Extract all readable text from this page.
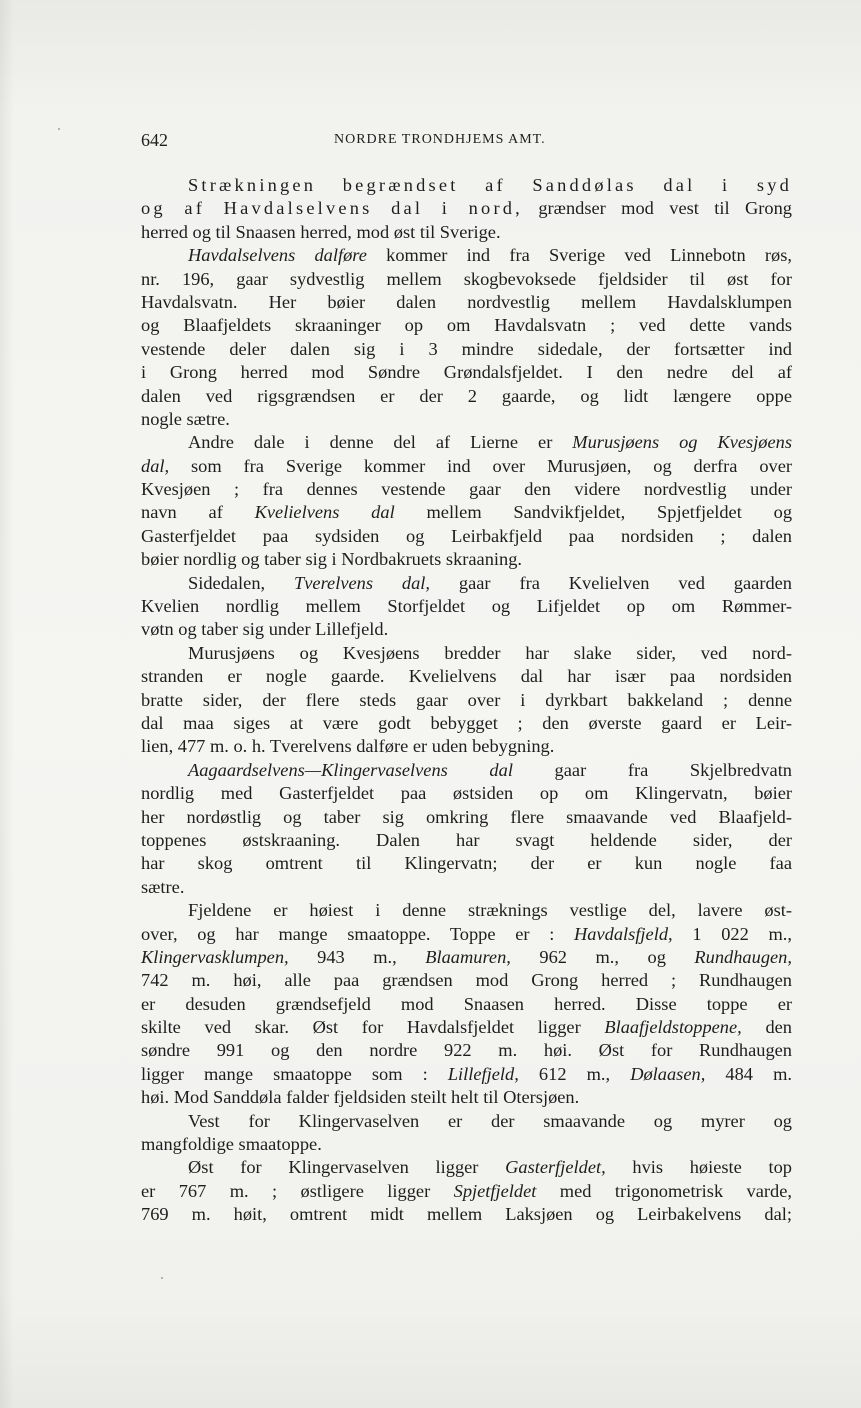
642	NORDRE TRONDHJEMS AMT.
Strækningen begrændset af Sanddølas dal i syd
og af Havdalselvens dal i nord, grændser mod vest til Grong
herred og til Snaasen herred, mod øst til Sverige.
Havdalselvens dalføre kommer ind fra Sverige ved Linnebotn røs,
nr. 196, gaar sydvestlig mellem skogbevoksede fjeldsider til øst for
Havdalsvatn. Her bøier dalen nordvestlig mellem Havdalsklumpen
og Blaafjeldets skraaninger op om Havdalsvatn ; ved dette vands
vestende deler dalen sig i 3 mindre sidedale, der fortsætter ind
i Grong herred mod Søndre Grøndalsfjeldet. I den nedre del af
dalen ved rigsgrændsen er der 2 gaarde, og lidt længere oppe
nogle sætre.
Andre dale i denne del af Lierne er Murusjøens og Kvesjøens
dal, som fra Sverige kommer ind over Murusjøen, og derfra over
Kvesjøen ; fra dennes vestende gaar den videre nordvestlig under
navn af Kvelielvens dal mellem Sandvikfjeldet, Spjetfjeldet og
Gasterfjeldet paa sydsiden og Leirbakfjeld paa nordsiden ; dalen
bøier nordlig og taber sig i Nordbakruets skraaning.
Sidedalen, Tverelvens dal, gaar fra Kvelielven ved gaarden
Kvelien nordlig mellem Storfjeldet og Lifjeldet op om Rømmer-
vøtn og taber sig under Lillefjeld.
Murusjøens og Kvesjøens bredder har slake sider, ved nord-
stranden er nogle gaarde. Kvelielvens dal har især paa nordsiden
bratte sider, der flere steds gaar over i dyrkbart bakkeland ; denne
dal maa siges at være godt bebygget ; den øverste gaard er Leir-
lien, 477 m. o. h. Tverelvens dalføre er uden bebygning.
Aagaardselvens—Klingervaselvens dal gaar fra Skjelbredvatn
nordlig med Gasterfjeldet paa østsiden op om Klingervatn, bøier
her nordøstlig og taber sig omkring flere smaavande ved Blaafjeld-
toppenes østskraaning. Dalen har svagt heldende sider, der
har skog omtrent til Klingervatn; der er kun nogle faa
sætre.
Fjeldene er høiest i denne stræknings vestlige del, lavere øst-
over, og har mange smaatoppe. Toppe er : Havdalsfjeld, 1 022 m.,
Klingervasklumpen, 943 m., Blaamuren, 962 m., og Rundhaugen,
742 m. høi, alle paa grændsen mod Grong herred ; Rundhaugen
er desuden grændsefjeld mod Snaasen herred. Disse toppe er
skilte ved skar. Øst for Havdalsfjeldet ligger Blaafjeldstoppene, den
søndre 991 og den nordre 922 m. høi. Øst for Rundhaugen
ligger mange smaatoppe som : Lillefjeld, 612 m., Dølaasen, 484 m.
høi. Mod Sanddøla falder fjeldsiden steilt helt til Otersjøen.
Vest for Klingervaselven er der smaavande og myrer og
mangfoldige smaatoppe.
Øst for Klingervaselven ligger Gasterfjeldet, hvis høieste top
er 767 m. ; østligere ligger Spjetfjeldet med trigonometrisk varde,
769 m. høit, omtrent midt mellem Laksjøen og Leirbakelvens dal;
